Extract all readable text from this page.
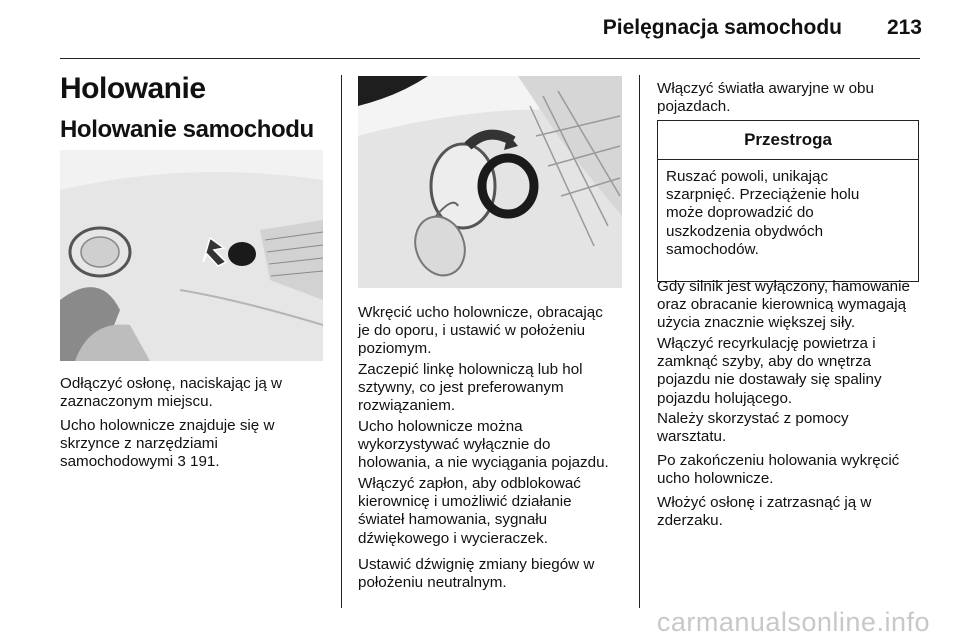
Pielęgnacja samochodu 213
Holowanie
Holowanie samochodu
Odłączyć osłonę, naciskając ją w
zaznaczonym miejscu.
Ucho holownicze znajduje się w
skrzynce z narzędziami
samochodowymi 3 191.
Wkręcić ucho holownicze, obracając
je do oporu, i ustawić w położeniu
poziomym.
Zaczepić linkę holowniczą lub hol
sztywny, co jest preferowanym
rozwiązaniem.
Ucho holownicze można
wykorzystywać wyłącznie do
holowania, a nie wyciągania pojazdu.
Włączyć zapłon, aby odblokować
kierownicę i umożliwić działanie
świateł hamowania, sygnału
dźwiękowego i wycieraczek.
Ustawić dźwignię zmiany biegów w
położeniu neutralnym.
Włączyć światła awaryjne w obu
pojazdach.
Przestroga
Ruszać powoli, unikając
szarpnięć. Przeciążenie holu
może doprowadzić do
uszkodzenia obydwóch
samochodów.
Gdy silnik jest wyłączony, hamowanie
oraz obracanie kierownicą wymagają
użycia znacznie większej siły.
Włączyć recyrkulację powietrza i
zamknąć szyby, aby do wnętrza
pojazdu nie dostawały się spaliny
pojazdu holującego.
Należy skorzystać z pomocy
warsztatu.
Po zakończeniu holowania wykręcić
ucho holownicze.
Włożyć osłonę i zatrzasnąć ją w
zderzaku.
carmanualsonline.info
